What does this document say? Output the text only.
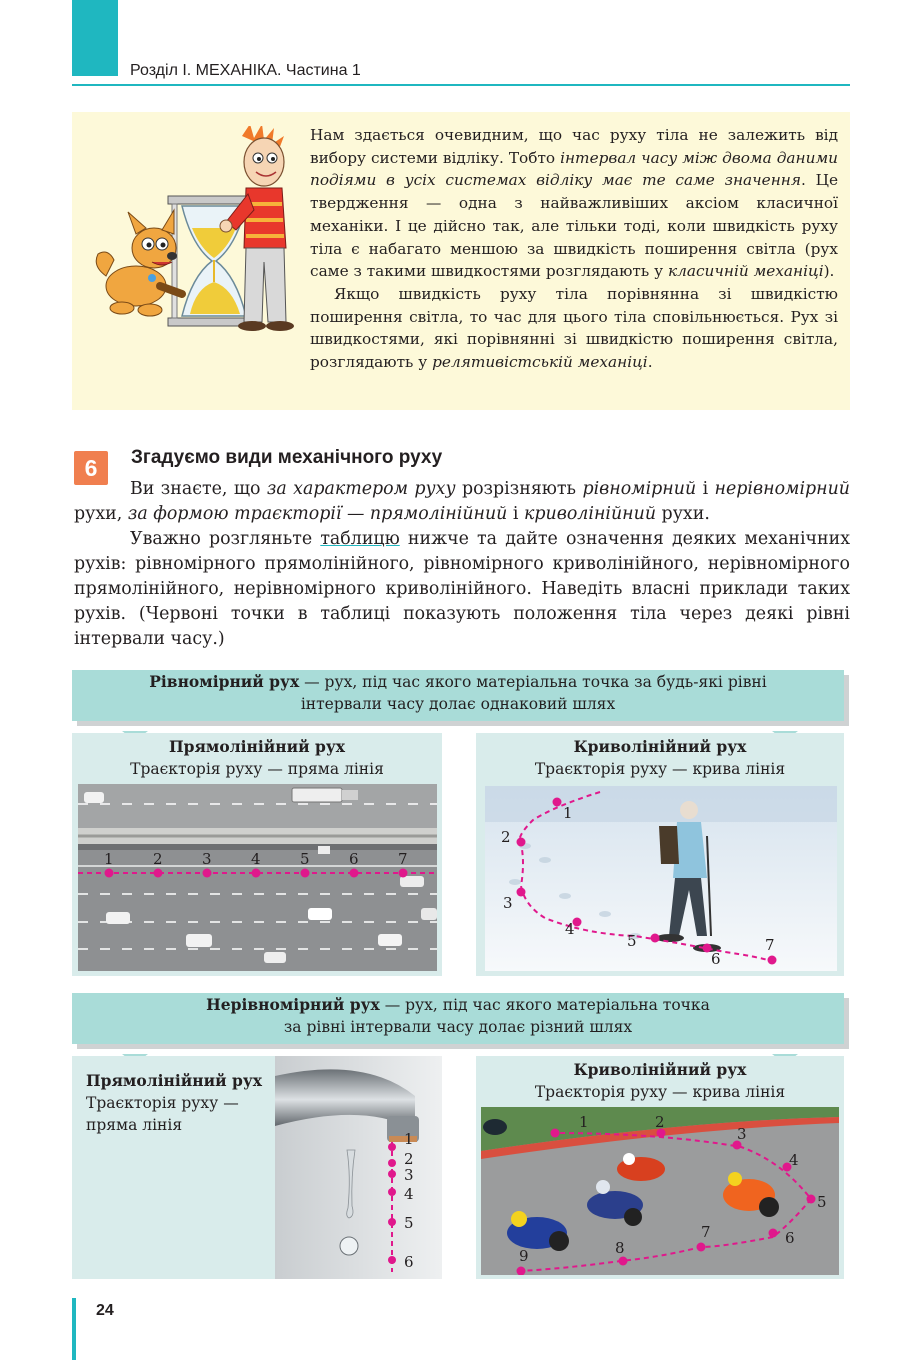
Розділ І. МЕХАНІКА. Частина 1

Нам здається очевидним, що час руху тіла не залежить від вибору системи відліку. Тобто інтервал часу між двома даними подіями в усіх системах відліку має те саме значення. Це твердження — одна з найважливіших аксіом класичної механіки. І це дійсно так, але тільки тоді, коли швидкість руху тіла є набагато меншою за швидкість поширення світла (рух саме з такими швидкостями розглядають у класичній механіці).

Якщо швидкість руху тіла порівнянна зі швидкістю поширення світла, то час для цього тіла сповільнюється. Рух зі швидкостями, які порівнянні зі швидкістю поширення світла, розглядають у релятивістській механіці.

6	Згадуємо види механічного руху

Ви знаєте, що за характером руху розрізняють рівномірний і нерівномірний рухи, за формою траєкторії — прямолінійний і криволінійний рухи.

Уважно розгляньте таблицю нижче та дайте означення деяких механічних рухів: рівномірного прямолінійного, рівномірного криволінійного, нерівномірного прямолінійного, нерівномірного криволінійного. Наведіть власні приклади таких рухів. (Червоні точки в таблиці показують положення тіла через деякі рівні інтервали часу.)

Рівномірний рух — рух, під час якого матеріальна точка за будь-які рівні
інтервали часу долає однаковий шлях
Прямолінійний рух
Траєкторія руху — пряма лінія
1	2	3	4	5	6	7
Криволінійний рух
Траєкторія руху — крива лінія
1
2
3
4
5
6
7
Нерівномірний рух — рух, під час якого матеріальна точка
за рівні інтервали часу долає різний шлях
Прямолінійний рух
Траєкторія руху —
пряма лінія
1
2
3
4
5
6
Криволінійний рух
Траєкторія руху — крива лінія
1	2
3
4
5
6
7
8
9
24
